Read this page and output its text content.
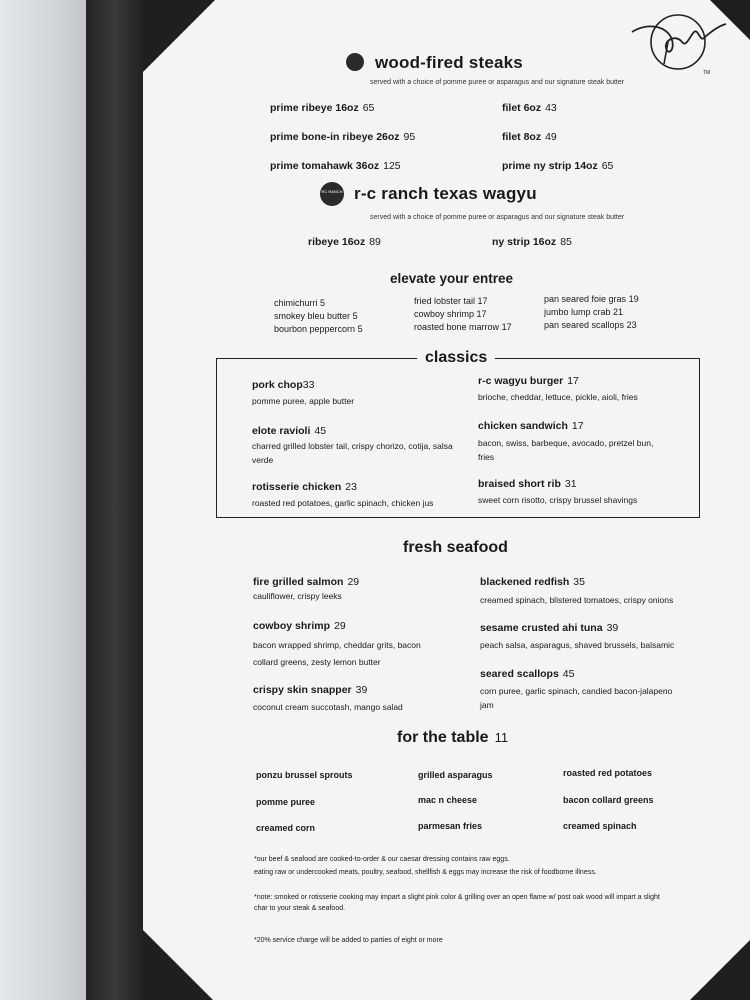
TM
wood-fired steaks
served with a choice of pomme puree or asparagus and our signature steak butter
prime ribeye 16oz 65
prime bone-in ribeye 26oz 95
prime tomahawk 36oz 125
filet 6oz 43
filet 8oz 49
prime ny strip 14oz 65
RC RANCH r-c ranch texas wagyu
served with a choice of pomme puree or asparagus and our signature steak butter
ribeye 16oz 89	ny strip 16oz 85
elevate your entree
chimichurri 5
smokey bleu butter 5
bourbon peppercorn 5
fried lobster tail 17
cowboy shrimp 17
roasted bone marrow 17
pan seared foie gras 19
jumbo lump crab 21
pan seared scallops 23
classics
pork chop33
pomme puree, apple butter
elote ravioli 45
charred grilled lobster tail, crispy chorizo, cotija, salsa verde
rotisserie chicken 23
roasted red potatoes, garlic spinach, chicken jus
r-c wagyu burger 17
brioche, cheddar, lettuce, pickle, aioli, fries
chicken sandwich 17
bacon, swiss, barbeque, avocado, pretzel bun, fries
braised short rib 31
sweet corn risotto, crispy brussel shavings
fresh seafood
fire grilled salmon 29
cauliflower, crispy leeks
cowboy shrimp 29
bacon wrapped shrimp, cheddar grits, bacon collard greens, zesty lemon butter
crispy skin snapper 39
coconut cream succotash, mango salad
blackened redfish 35
creamed spinach, blistered tomatoes, crispy onions
sesame crusted ahi tuna 39
peach salsa, asparagus, shaved brussels, balsamic
seared scallops 45
corn puree, garlic spinach, candied bacon-jalapeno jam
for the table 11
ponzu brussel sprouts
pomme puree
creamed corn
grilled asparagus
mac n cheese
parmesan fries
roasted red potatoes
bacon collard greens
creamed spinach
*our beef & seafood are cooked-to-order & our caesar dressing contains raw eggs.
eating raw or undercooked meats, poultry, seafood, shellfish & eggs may increase the risk of foodborne illness.
*note: smoked or rotisserie cooking may impart a slight pink color & grilling over an open flame w/ post oak wood will impart a slight char to your steak & seafood.
*20% service charge will be added to parties of eight or more
